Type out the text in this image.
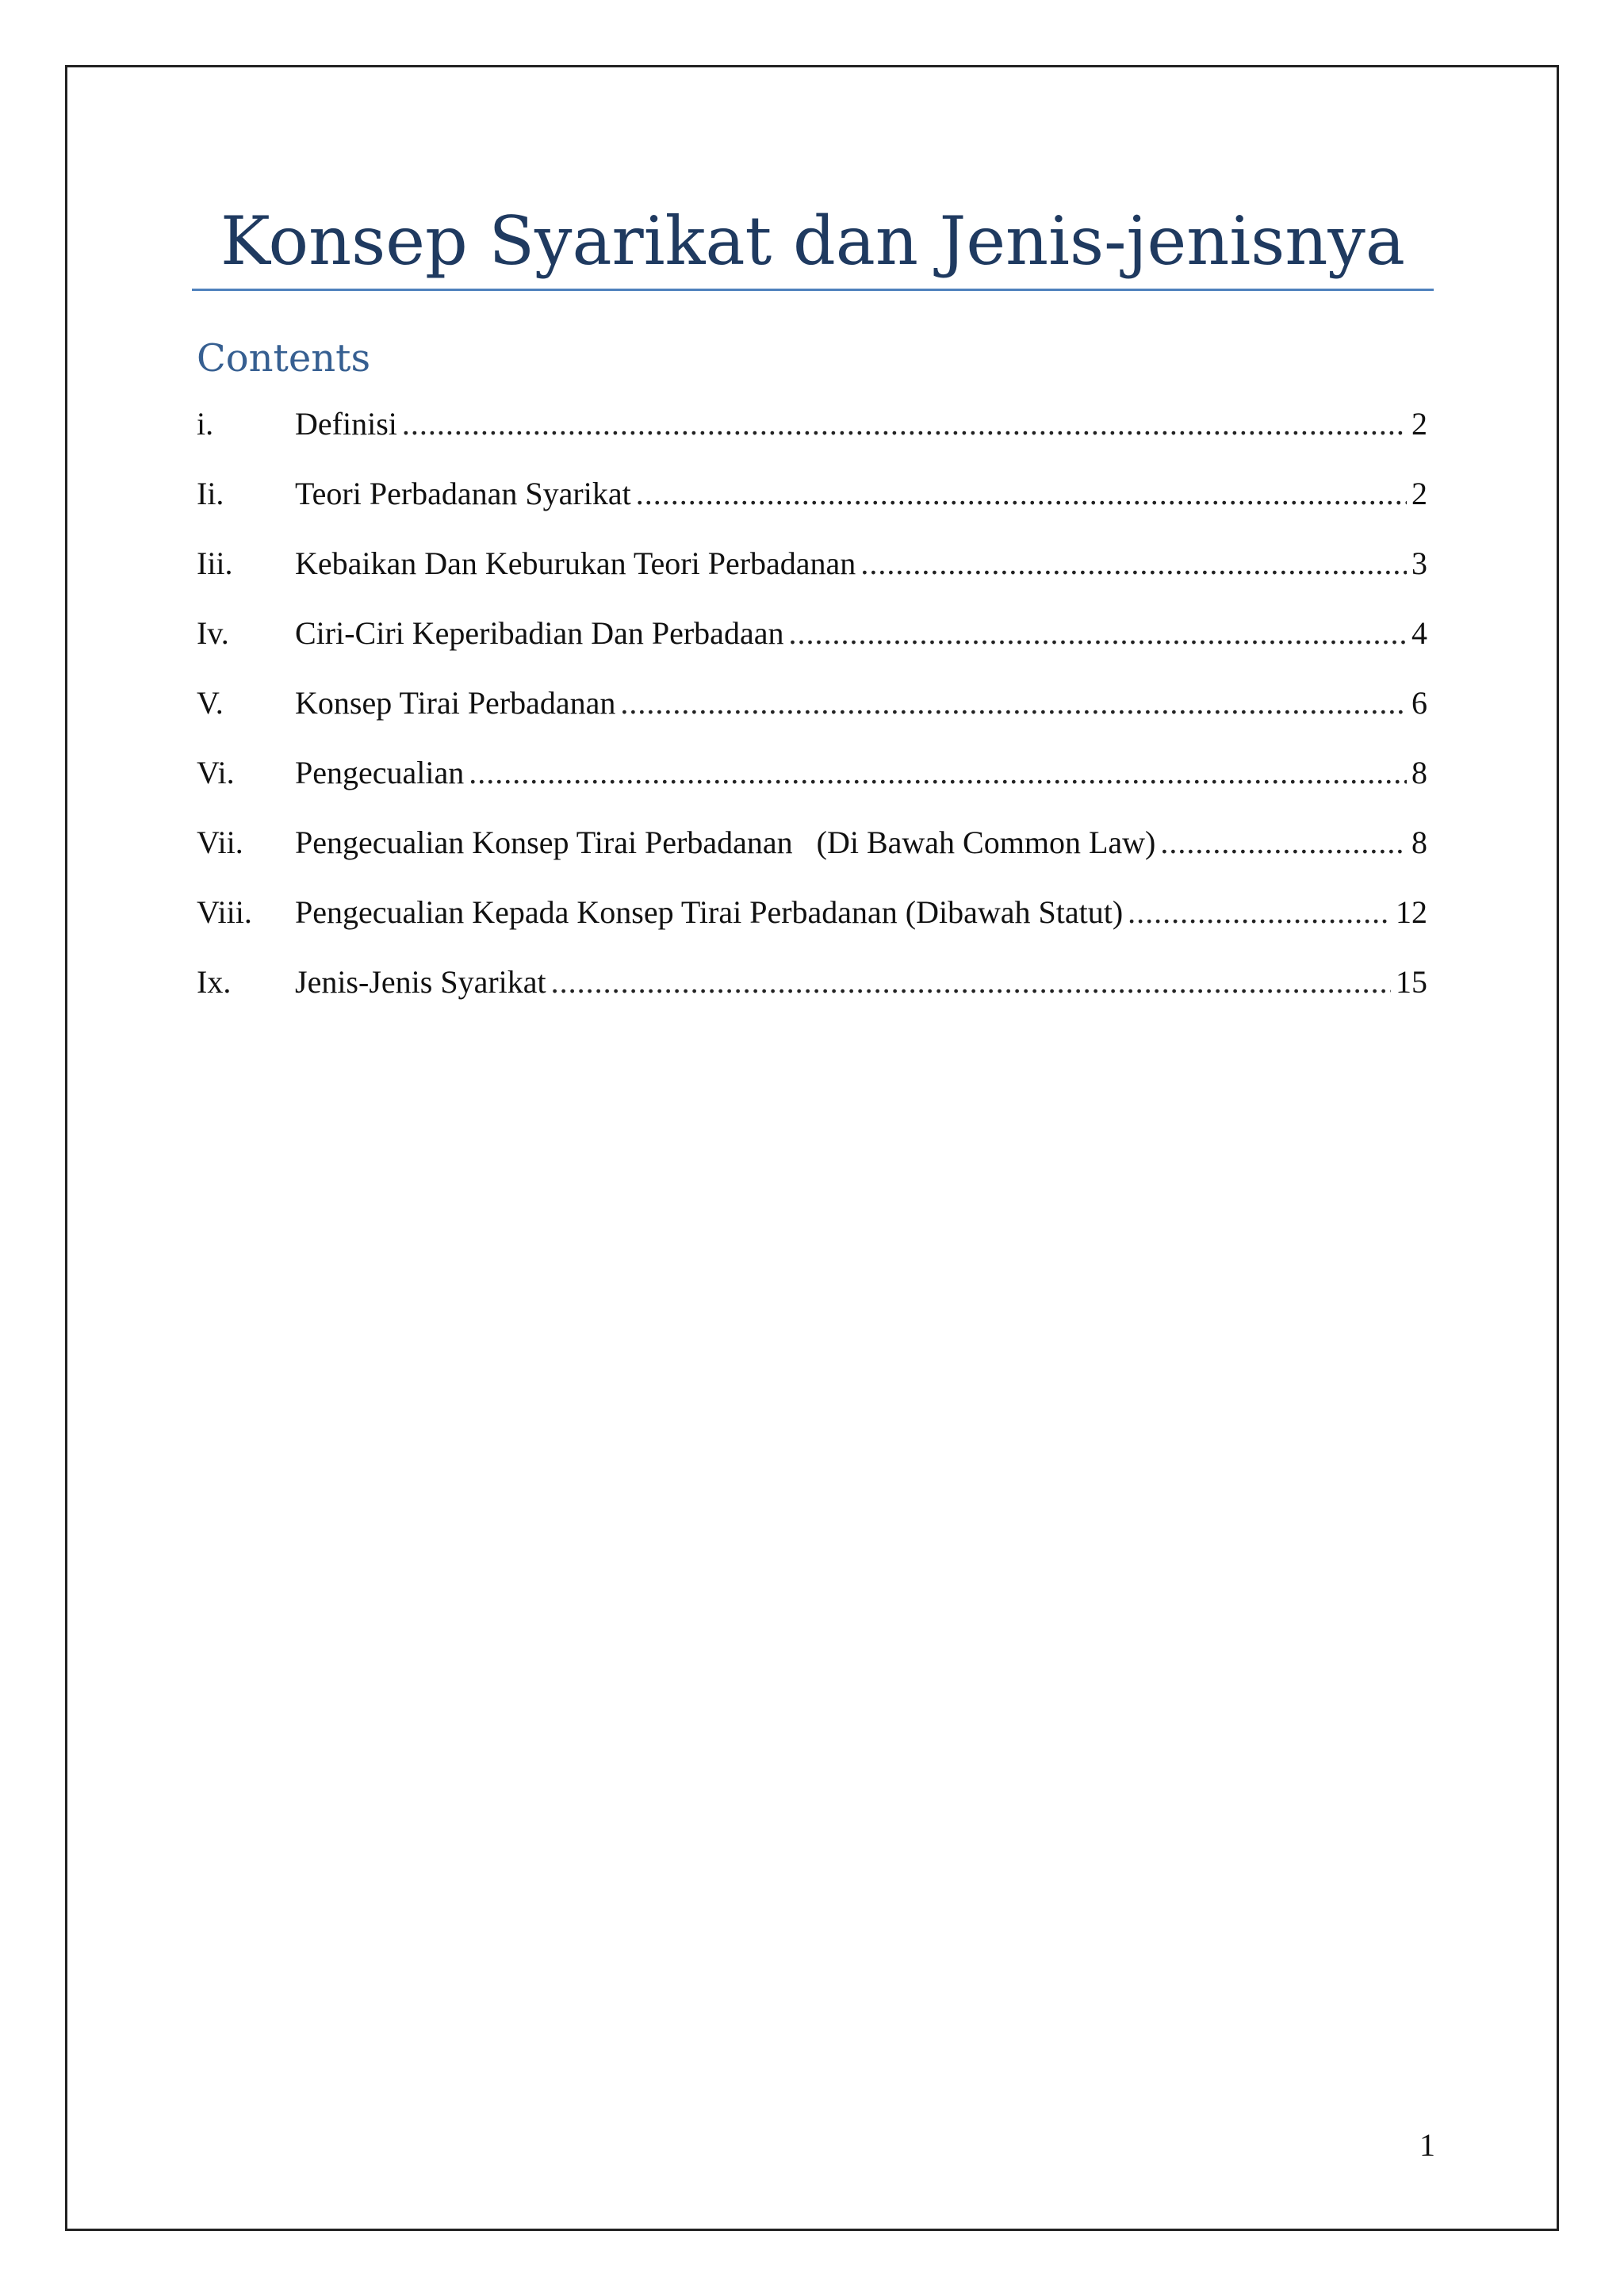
Konsep Syarikat dan Jenis-jenisnya
Contents
i.	Definisi .....	2
Ii.	Teori Perbadanan Syarikat .....	2
Iii.	Kebaikan Dan Keburukan Teori Perbadanan .....	3
Iv.	Ciri-Ciri Keperibadian Dan Perbadaan .....	4
V.	Konsep Tirai Perbadanan .....	6
Vi.	Pengecualian .....	8
Vii.	Pengecualian Konsep Tirai Perbadanan   (Di Bawah Common Law) .....	8
Viii.	Pengecualian Kepada Konsep Tirai Perbadanan (Dibawah Statut) .....	12
Ix.	Jenis-Jenis Syarikat .....	15
1
